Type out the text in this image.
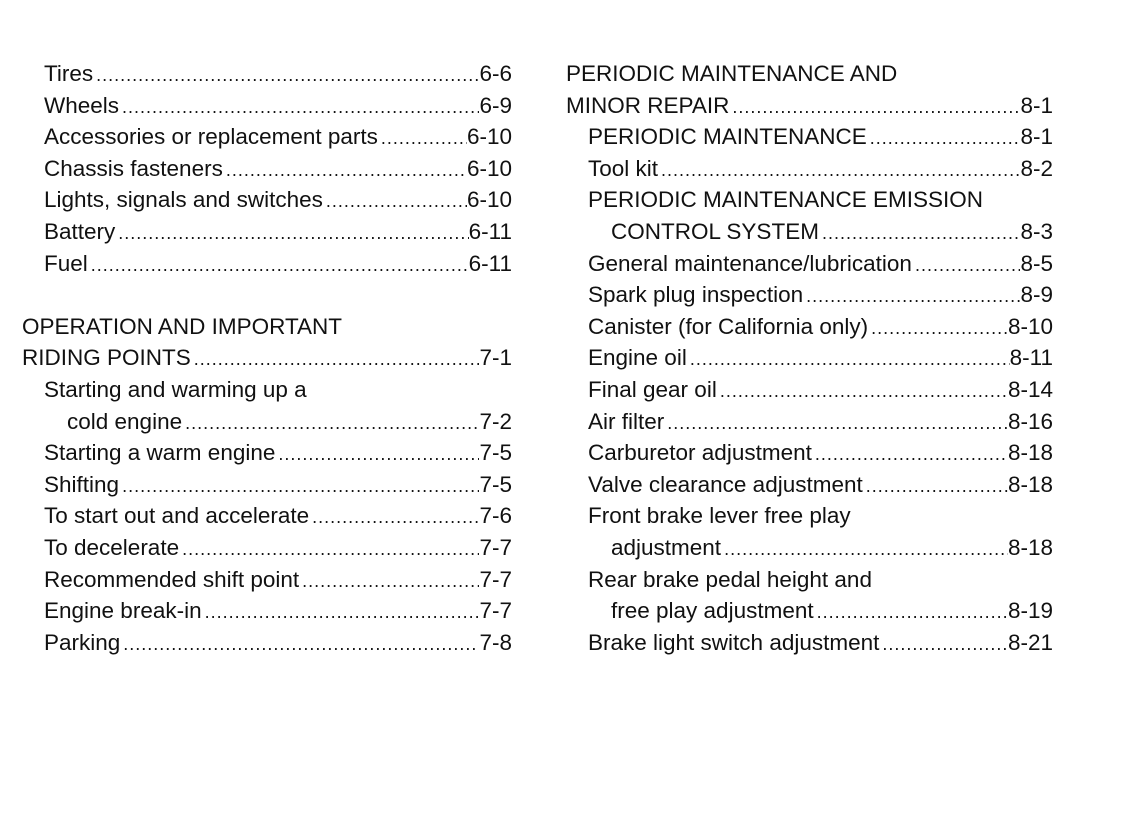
Tires .....	6-6
Wheels .....	6-9
Accessories or replacement parts .....	6-10
Chassis fasteners .....	6-10
Lights, signals and switches .....	6-10
Battery .....	6-11
Fuel .....	6-11
OPERATION AND IMPORTANT
RIDING POINTS .....	7-1
Starting and warming up a
cold engine .....	7-2
Starting a warm engine .....	7-5
Shifting .....	7-5
To start out and accelerate .....	7-6
To decelerate .....	7-7
Recommended shift point .....	7-7
Engine break-in .....	7-7
Parking .....	7-8
PERIODIC MAINTENANCE AND
MINOR REPAIR .....	8-1
PERIODIC MAINTENANCE .....	8-1
Tool kit .....	8-2
PERIODIC MAINTENANCE EMISSION
CONTROL SYSTEM .....	8-3
General maintenance/lubrication .....	8-5
Spark plug inspection .....	8-9
Canister (for California only) .....	8-10
Engine oil .....	8-11
Final gear oil .....	8-14
Air filter .....	8-16
Carburetor adjustment .....	8-18
Valve clearance adjustment .....	8-18
Front brake lever free play
adjustment .....	8-18
Rear brake pedal height and
free play adjustment .....	8-19
Brake light switch adjustment .....	8-21
